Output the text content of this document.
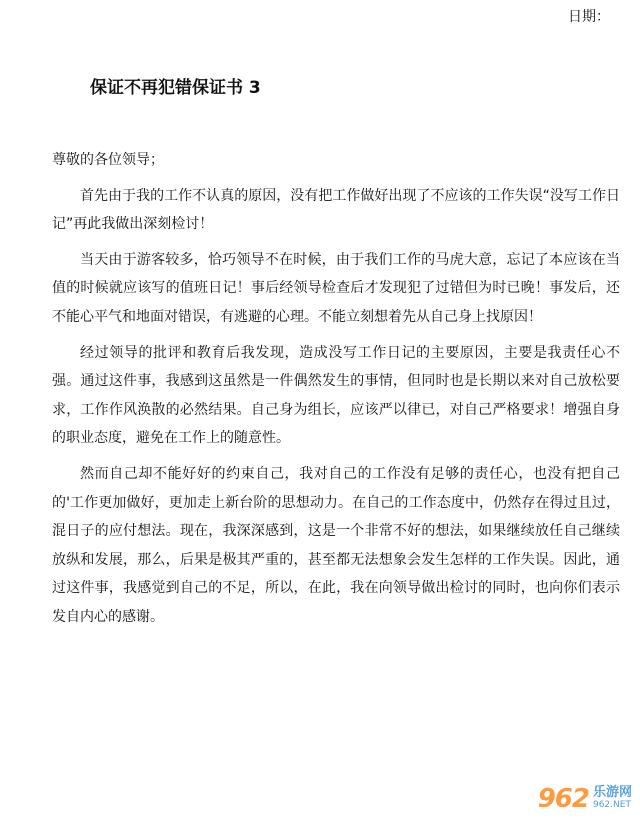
日期：
保证不再犯错保证书 3

尊敬的各位领导；

首先由于我的工作不认真的原因，没有把工作做好出现了不应该的工作失误“没写工作日记”再此我做出深刻检讨！

当天由于游客较多，恰巧领导不在时候，由于我们工作的马虎大意，忘记了本应该在当值的时候就应该写的值班日记！事后经领导检查后才发现犯了过错但为时已晚！事发后，还不能心平气和地面对错误，有逃避的心理。不能立刻想着先从自己身上找原因！

经过领导的批评和教育后我发现，造成没写工作日记的主要原因，主要是我责任心不强。通过这件事，我感到这虽然是一件偶然发生的事情，但同时也是长期以来对自己放松要求，工作作风涣散的必然结果。自己身为组长，应该严以律已，对自己严格要求！增强自身的职业态度，避免在工作上的随意性。

然而自己却不能好好的约束自己，我对自己的工作没有足够的责任心，也没有把自己的'工作更加做好，更加走上新台阶的思想动力。在自己的工作态度中，仍然存在得过且过，混日子的应付想法。现在，我深深感到，这是一个非常不好的想法，如果继续放任自己继续放纵和发展，那么，后果是极其严重的，甚至都无法想象会发生怎样的工作失误。因此，通过这件事，我感觉到自己的不足，所以，在此，我在向领导做出检讨的同时，也向你们表示发自内心的感谢。

962 乐游网
962.NET
